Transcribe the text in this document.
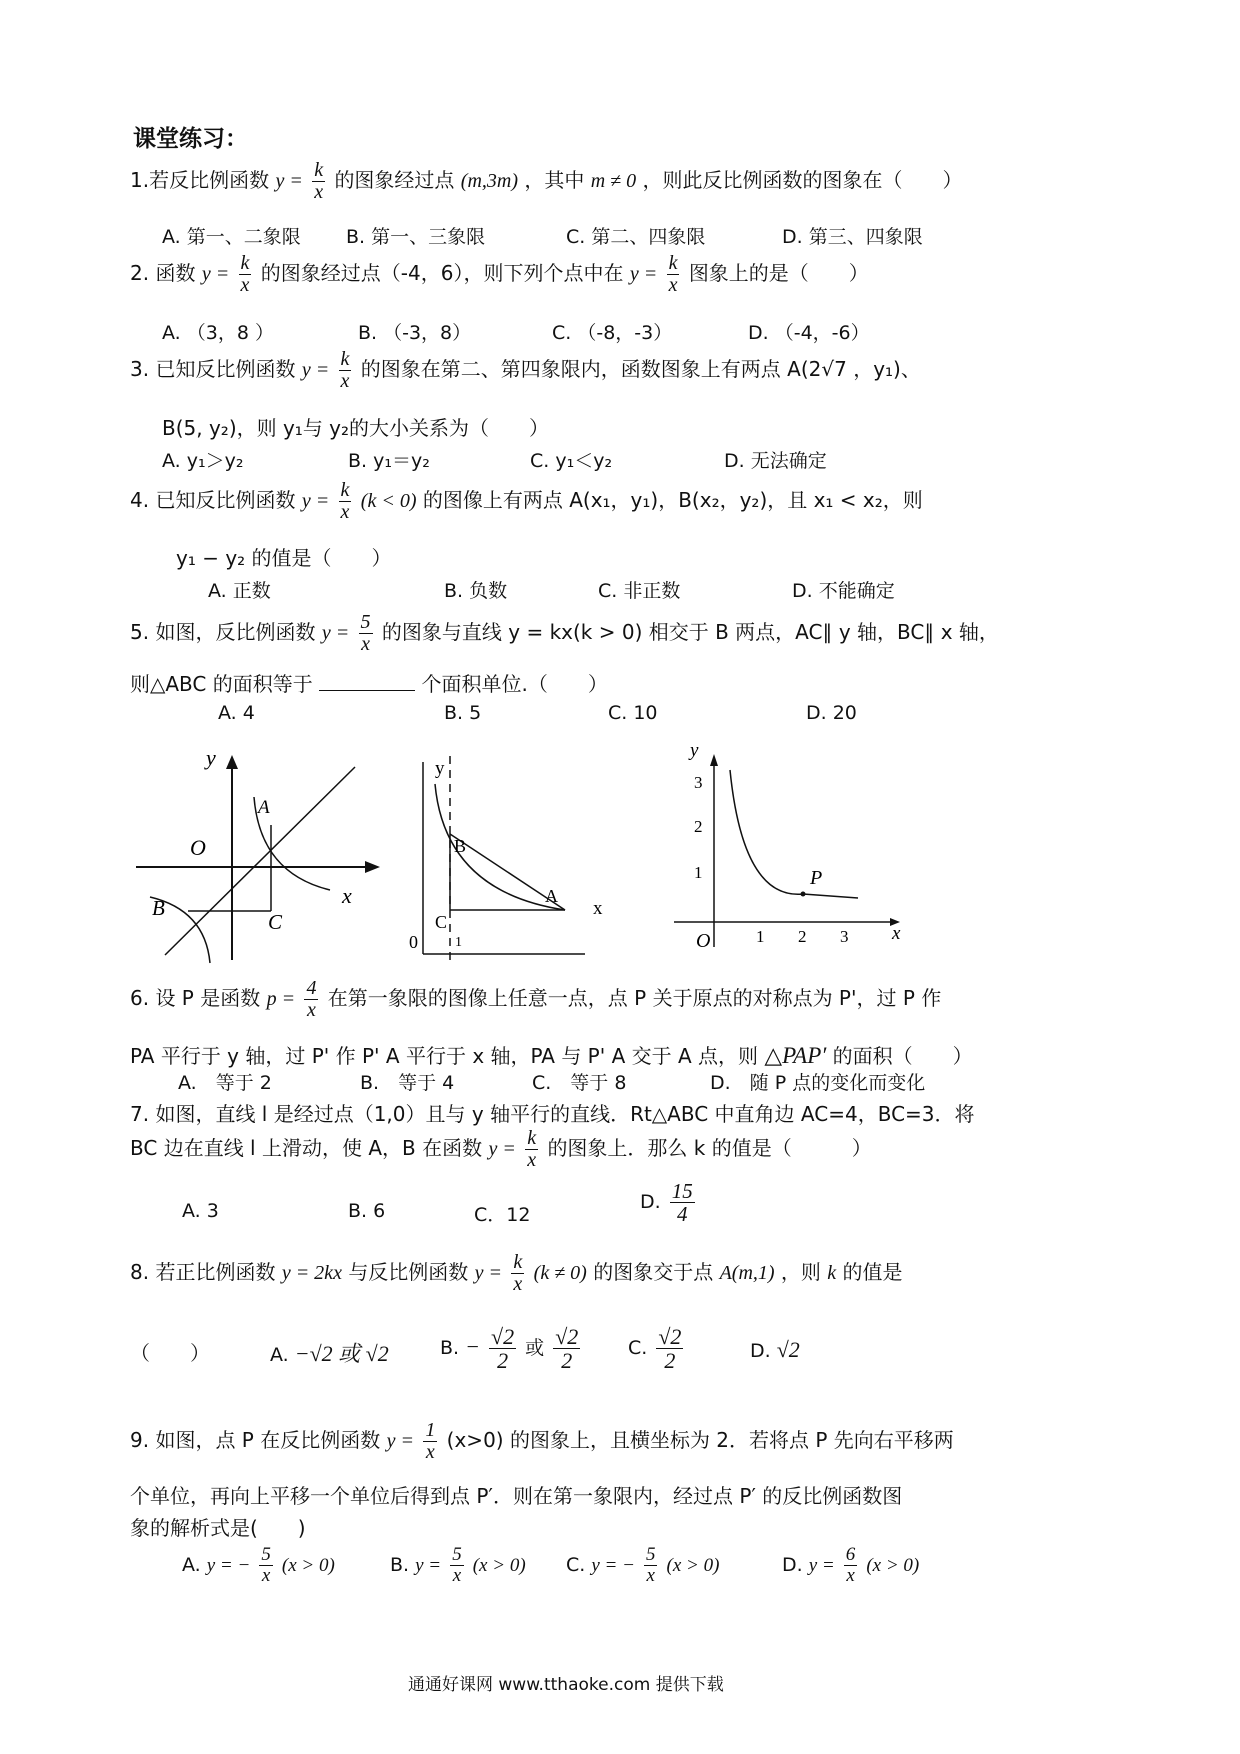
课堂练习：
1.若反比例函数 $y = \frac{k}{x}$ 的图象经过点 (m,3m) ，其中 m ≠ 0 ，则此反比例函数的图象在（　　）
A. 第一、二象限 B. 第一、三象限	C. 第二、四象限	D. 第三、四象限
2. 函数 $y = \frac{k}{x}$ 的图象经过点（-4，6），则下列个点中在 $y = \frac{k}{x}$ 图象上的是（　　）
A. （3，8 ）	B. （-3，8）	C. （-8，-3）	D. （-4，-6）
3. 已知反比例函数 $y = \frac{k}{x}$ 的图象在第二、第四象限内，函数图象上有两点 A(2√7 ，y₁)、
B(5, y₂)，则 y₁与 y₂的大小关系为（　　）
A. y₁＞y₂	B. y₁＝y₂	C. y₁＜y₂	D. 无法确定
4. 已知反比例函数 $y = \frac{k}{x} (k < 0)$ 的图像上有两点 A(x₁，y₁)，B(x₂，y₂)，且 x₁ < x₂，则
y₁ − y₂ 的值是（　　）
A. 正数	B. 负数	C. 非正数	D. 不能确定
5. 如图，反比例函数 $y = \frac{5}{x}$ 的图象与直线 y = kx(k > 0) 相交于 B 两点，AC∥ y 轴，BC∥ x 轴，
则△ABC 的面积等于	个面积单位.（　　）
A. 4	B. 5	C. 10	D. 20
y
x
O
A
B
C
y
x
0	1
B
C
A
y
x
O
P
1 2 3
1
2
3
6. 设 P 是函数 $p = \frac{4}{x}$ 在第一象限的图像上任意一点，点 P 关于原点的对称点为 P'，过 P 作
PA 平行于 y 轴，过 P' 作 P' A 平行于 x 轴，PA 与 P' A 交于 A 点，则 △PAP′ 的面积（　　）
A.　等于 2	B.　等于 4	C.　等于 8	D.　随 P 点的变化而变化
7. 如图，直线 l 是经过点（1,0）且与 y 轴平行的直线．Rt△ABC 中直角边 AC=4，BC=3．将
BC 边在直线 l 上滑动，使 A，B 在函数 $y = \frac{k}{x}$ 的图象上．那么 k 的值是（　　　）
A. 3	B. 6	C．12
D. $\frac{15}{4}$
8. 若正比例函数 y = 2kx 与反比例函数 $y = \frac{k}{x} (k \ne 0)$ 的图象交于点 A(m,1) ，则 k 的值是
（　　）	A. −√2 或 √2	B. − $\frac{√2}{2}$ 或 $\frac{√2}{2}$	C. $\frac{√2}{2}$	D. √2
9. 如图，点 P 在反比例函数 $y = \frac{1}{x} (x>0)$ 的图象上，且横坐标为 2．若将点 P 先向右平移两
个单位，再向上平移一个单位后得到点 P′．则在第一象限内，经过点 P′ 的反比例函数图
象的解析式是(　　)
A. y = − $\frac{5}{x} (x > 0)$	B. $y = \frac{5}{x} (x > 0)$ C. y = − $\frac{5}{x} (x > 0)$	D. $y = \frac{6}{x} (x > 0)$
通通好课网 www.tthaoke.com 提供下载
